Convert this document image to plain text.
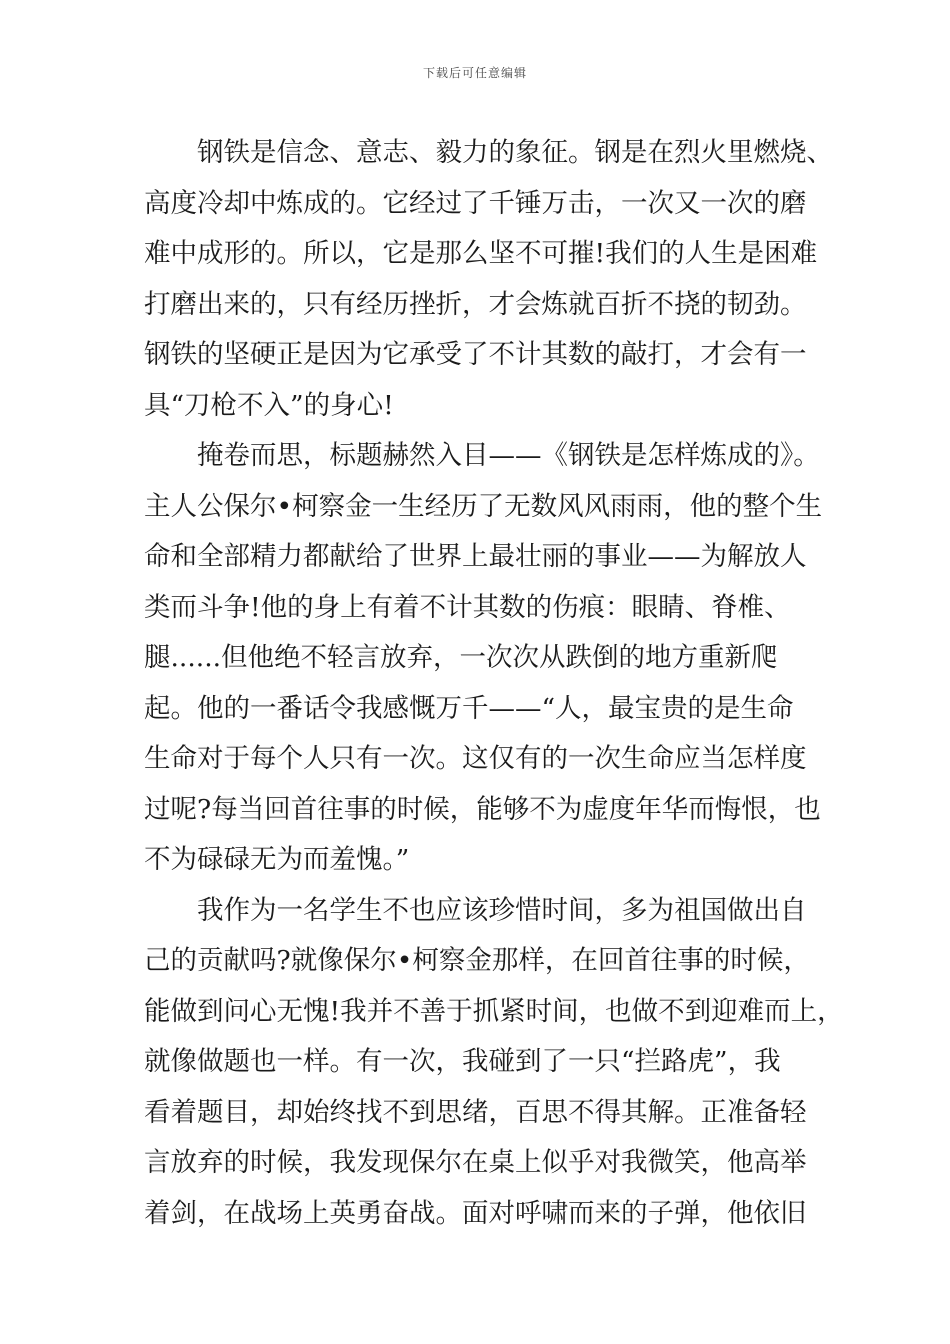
下载后可任意编辑
钢铁是信念、意志、毅力的象征。钢是在烈火里燃烧、
高度冷却中炼成的。它经过了千锤万击，一次又一次的磨
难中成形的。所以，它是那么坚不可摧!我们的人生是困难
打磨出来的，只有经历挫折，才会炼就百折不挠的韧劲。
钢铁的坚硬正是因为它承受了不计其数的敲打，才会有一
具“刀枪不入”的身心!
掩卷而思，标题赫然入目——《钢铁是怎样炼成的》。
主人公保尔•柯察金一生经历了无数风风雨雨，他的整个生
命和全部精力都献给了世界上最壮丽的事业——为解放人
类而斗争!他的身上有着不计其数的伤痕：眼睛、脊椎、
腿......但他绝不轻言放弃，一次次从跌倒的地方重新爬
起。他的一番话令我感慨万千——“人，最宝贵的是生命
生命对于每个人只有一次。这仅有的一次生命应当怎样度
过呢?每当回首往事的时候，能够不为虚度年华而悔恨，也
不为碌碌无为而羞愧。”
我作为一名学生不也应该珍惜时间，多为祖国做出自
己的贡献吗?就像保尔•柯察金那样，在回首往事的时候，
能做到问心无愧!我并不善于抓紧时间，也做不到迎难而上，
就像做题也一样。有一次，我碰到了一只“拦路虎”，我
看着题目，却始终找不到思绪，百思不得其解。正准备轻
言放弃的时候，我发现保尔在桌上似乎对我微笑，他高举
着剑，在战场上英勇奋战。面对呼啸而来的子弹，他依旧
